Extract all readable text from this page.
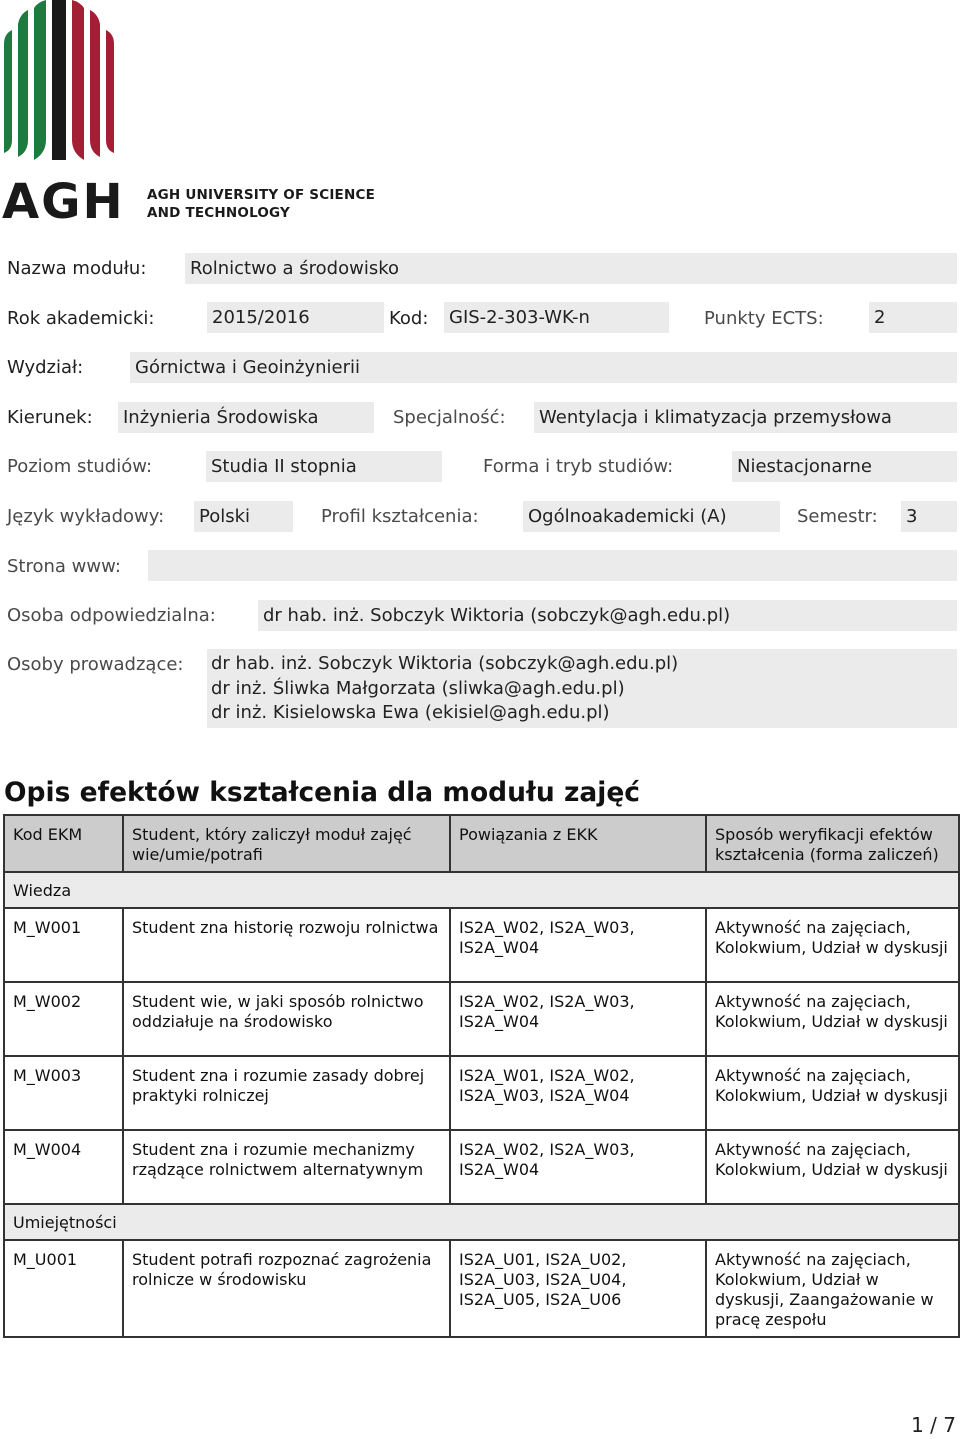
AGH AGH UNIVERSITY OF SCIENCE
AND TECHNOLOGY
Nazwa modułu: Rolnictwo a środowisko
Rok akademicki:	2015/2016	Kod: GIS-2-303-WK-n	Punkty ECTS:	2
Wydział:	Górnictwa i Geoinżynierii
Kierunek: Inżynieria Środowiska	Specjalność: Wentylacja i klimatyzacja przemysłowa
Poziom studiów:	Studia II stopnia	Forma i tryb studiów:	Niestacjonarne
Język wykładowy: Polski	Profil kształcenia:	Ogólnoakademicki (A)	Semestr: 3
Strona www:
Osoba odpowiedzialna:	dr hab. inż. Sobczyk Wiktoria (sobczyk@agh.edu.pl)
Osoby prowadzące: dr hab. inż. Sobczyk Wiktoria (sobczyk@agh.edu.pl)
dr inż. Śliwka Małgorzata (sliwka@agh.edu.pl)
dr inż. Kisielowska Ewa (ekisiel@agh.edu.pl)
Opis efektów kształcenia dla modułu zajęć
Kod EKM	Student, który zaliczył moduł zajęć wie/umie/potrafi	Powiązania z EKK	Sposób weryfikacji efektów kształcenia (forma zaliczeń)
Wiedza			
M_W001	Student zna historię rozwoju rolnictwa	IS2A_W02, IS2A_W03, IS2A_W04	Aktywność na zajęciach, Kolokwium, Udział w dyskusji
M_W002	Student wie, w jaki sposób rolnictwo oddziałuje na środowisko	IS2A_W02, IS2A_W03, IS2A_W04	Aktywność na zajęciach, Kolokwium, Udział w dyskusji
M_W003	Student zna i rozumie zasady dobrej praktyki rolniczej	IS2A_W01, IS2A_W02, IS2A_W03, IS2A_W04	Aktywność na zajęciach, Kolokwium, Udział w dyskusji
M_W004	Student zna i rozumie mechanizmy rządzące rolnictwem alternatywnym	IS2A_W02, IS2A_W03, IS2A_W04	Aktywność na zajęciach, Kolokwium, Udział w dyskusji
Umiejętności			
M_U001	Student potrafi rozpoznać zagrożenia rolnicze w środowisku	IS2A_U01, IS2A_U02, IS2A_U03, IS2A_U04, IS2A_U05, IS2A_U06	Aktywność na zajęciach, Kolokwium, Udział w dyskusji, Zaangażowanie w pracę zespołu
1 / 7
